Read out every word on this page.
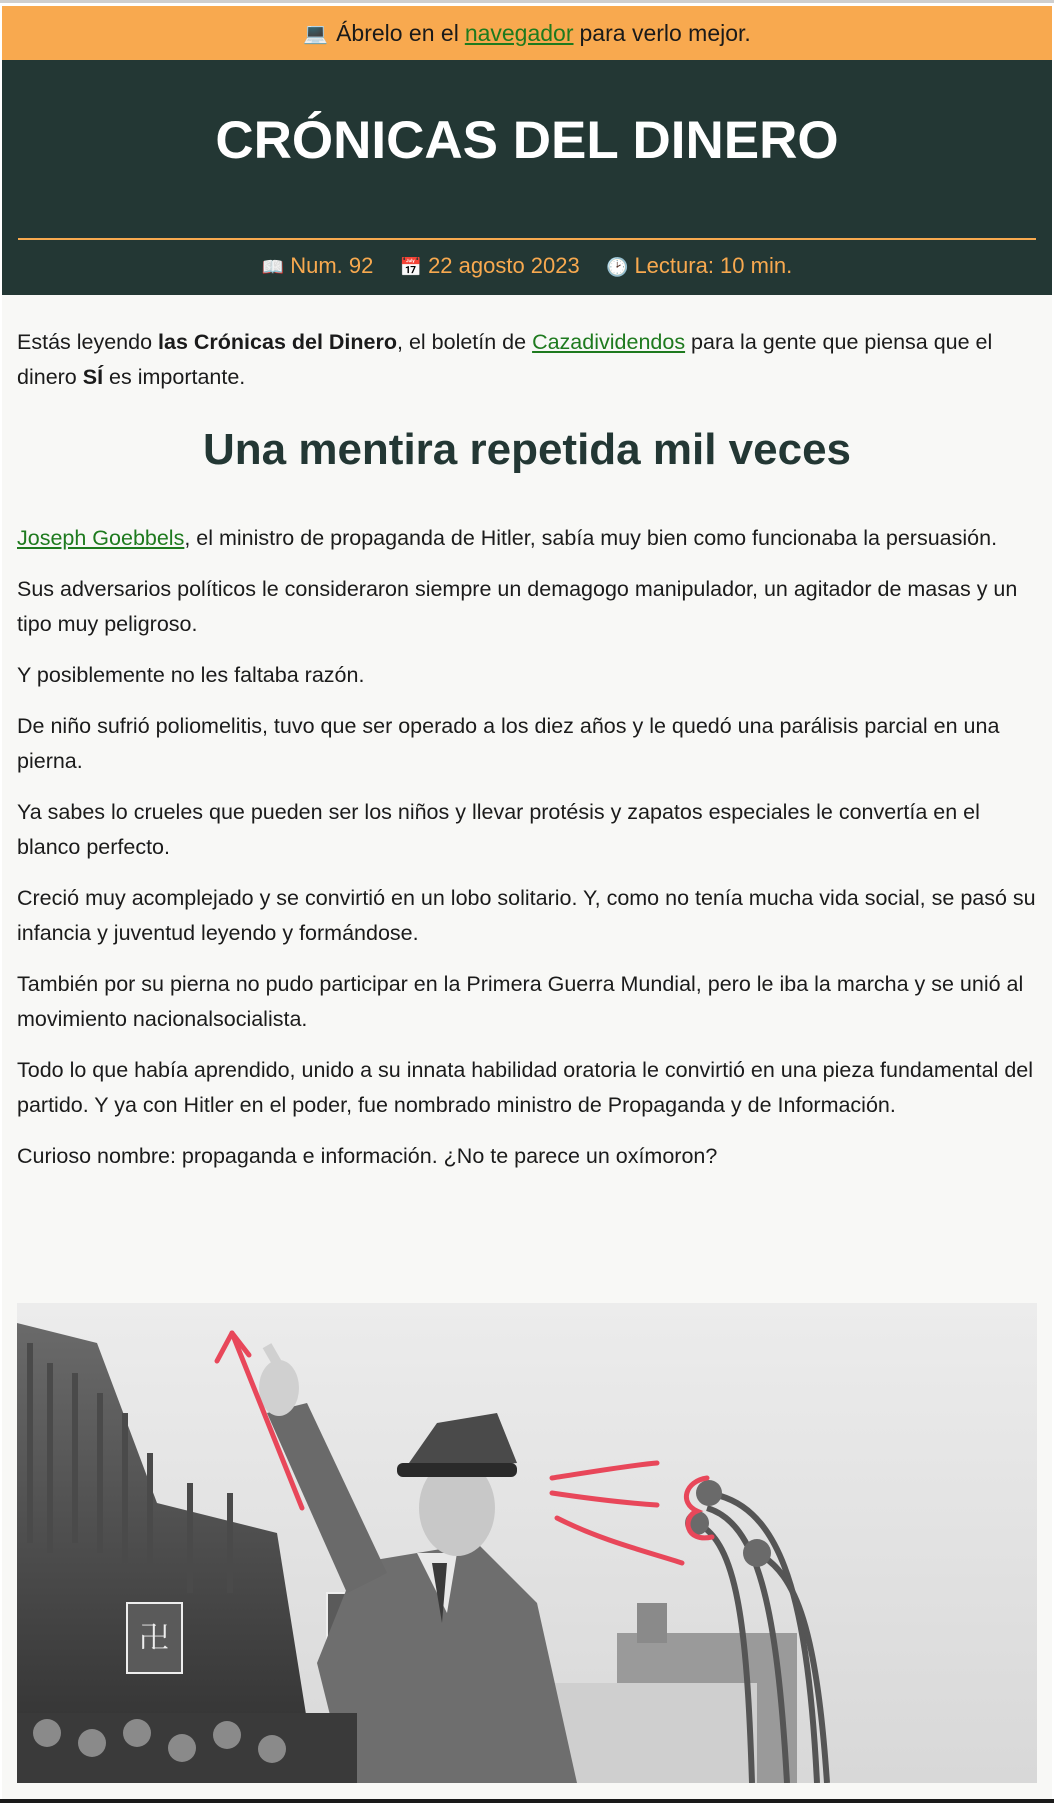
💻 Ábrelo en el navegador para verlo mejor.
CRÓNICAS DEL DINERO
📖 Num. 92 📅 22 agosto 2023 🕑 Lectura: 10 min.
Estás leyendo las Crónicas del Dinero, el boletín de Cazadividendos para la gente que piensa que el dinero SÍ es importante.
Una mentira repetida mil veces

Joseph Goebbels, el ministro de propaganda de Hitler, sabía muy bien como funcionaba la persuasión.

Sus adversarios políticos le consideraron siempre un demagogo manipulador, un agitador de masas y un tipo muy peligroso.

Y posiblemente no les faltaba razón.

De niño sufrió poliomelitis, tuvo que ser operado a los diez años y le quedó una parálisis parcial en una pierna.

Ya sabes lo crueles que pueden ser los niños y llevar protésis y zapatos especiales le convertía en el blanco perfecto.

Creció muy acomplejado y se convirtió en un lobo solitario. Y, como no tenía mucha vida social, se pasó su infancia y juventud leyendo y formándose.

También por su pierna no pudo participar en la Primera Guerra Mundial, pero le iba la marcha y se unió al movimiento nacionalsocialista.

Todo lo que había aprendido, unido a su innata habilidad oratoria le convirtió en una pieza fundamental del partido. Y ya con Hitler en el poder, fue nombrado ministro de Propaganda y de Información.

Curioso nombre: propaganda e información. ¿No te parece un oxímoron?

卍
